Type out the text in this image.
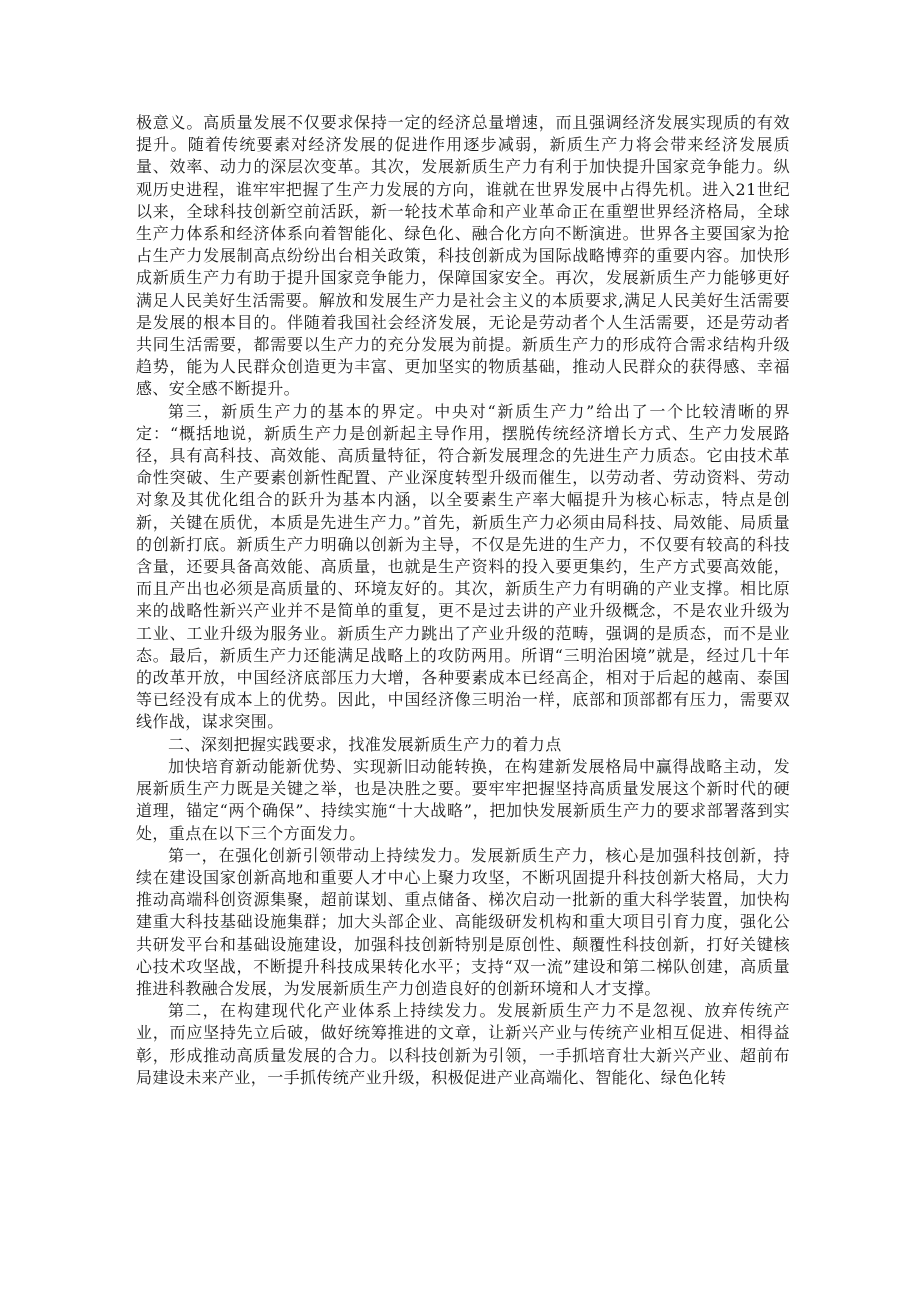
极意义。高质量发展不仅要求保持一定的经济总量增速，而且强调经济发展实现质的有效提升。随着传统要素对经济发展的促进作用逐步减弱，新质生产力将会带来经济发展质量、效率、动力的深层次变革。其次，发展新质生产力有利于加快提升国家竞争能力。纵观历史进程，谁牢牢把握了生产力发展的方向，谁就在世界发展中占得先机。进入21世纪以来，全球科技创新空前活跃，新一轮技术革命和产业革命正在重塑世界经济格局，全球生产力体系和经济体系向着智能化、绿色化、融合化方向不断演进。世界各主要国家为抢占生产力发展制高点纷纷出台相关政策，科技创新成为国际战略博弈的重要内容。加快形成新质生产力有助于提升国家竞争能力，保障国家安全。再次，发展新质生产力能够更好满足人民美好生活需要。解放和发展生产力是社会主义的本质要求,满足人民美好生活需要是发展的根本目的。伴随着我国社会经济发展，无论是劳动者个人生活需要，还是劳动者共同生活需要，都需要以生产力的充分发展为前提。新质生产力的形成符合需求结构升级趋势，能为人民群众创造更为丰富、更加坚实的物质基础，推动人民群众的获得感、幸福感、安全感不断提升。

第三，新质生产力的基本的界定。中央对“新质生产力”给出了一个比较清晰的界定：“概括地说，新质生产力是创新起主导作用，摆脱传统经济增长方式、生产力发展路径，具有高科技、高效能、高质量特征，符合新发展理念的先进生产力质态。它由技术革命性突破、生产要素创新性配置、产业深度转型升级而催生，以劳动者、劳动资料、劳动对象及其优化组合的跃升为基本内涵，以全要素生产率大幅提升为核心标志，特点是创新，关键在质优，本质是先进生产力。”首先，新质生产力必须由局科技、局效能、局质量的创新打底。新质生产力明确以创新为主导，不仅是先进的生产力，不仅要有较高的科技含量，还要具备高效能、高质量，也就是生产资料的投入要更集约，生产方式要高效能，而且产出也必须是高质量的、环境友好的。其次，新质生产力有明确的产业支撑。相比原来的战略性新兴产业并不是简单的重复，更不是过去讲的产业升级概念，不是农业升级为工业、工业升级为服务业。新质生产力跳出了产业升级的范畴，强调的是质态，而不是业态。最后，新质生产力还能满足战略上的攻防两用。所谓“三明治困境”就是，经过几十年的改革开放，中国经济底部压力大增，各种要素成本已经高企，相对于后起的越南、泰国等已经没有成本上的优势。因此，中国经济像三明治一样，底部和顶部都有压力，需要双线作战，谋求突围。

二、深刻把握实践要求，找准发展新质生产力的着力点

加快培育新动能新优势、实现新旧动能转换，在构建新发展格局中赢得战略主动，发展新质生产力既是关键之举，也是决胜之要。要牢牢把握坚持高质量发展这个新时代的硬道理，锚定“两个确保”、持续实施“十大战略”，把加快发展新质生产力的要求部署落到实处，重点在以下三个方面发力。

第一，在强化创新引领带动上持续发力。发展新质生产力，核心是加强科技创新，持续在建设国家创新高地和重要人才中心上聚力攻坚，不断巩固提升科技创新大格局，大力推动高端科创资源集聚，超前谋划、重点储备、梯次启动一批新的重大科学装置，加快构建重大科技基础设施集群；加大头部企业、高能级研发机构和重大项目引育力度，强化公共研发平台和基础设施建设，加强科技创新特别是原创性、颠覆性科技创新，打好关键核心技术攻坚战，不断提升科技成果转化水平；支持“双一流”建设和第二梯队创建，高质量推进科教融合发展，为发展新质生产力创造良好的创新环境和人才支撑。

第二，在构建现代化产业体系上持续发力。发展新质生产力不是忽视、放弃传统产业，而应坚持先立后破，做好统筹推进的文章，让新兴产业与传统产业相互促进、相得益彰，形成推动高质量发展的合力。以科技创新为引领，一手抓培育壮大新兴产业、超前布局建设未来产业，一手抓传统产业升级，积极促进产业高端化、智能化、绿色化转
